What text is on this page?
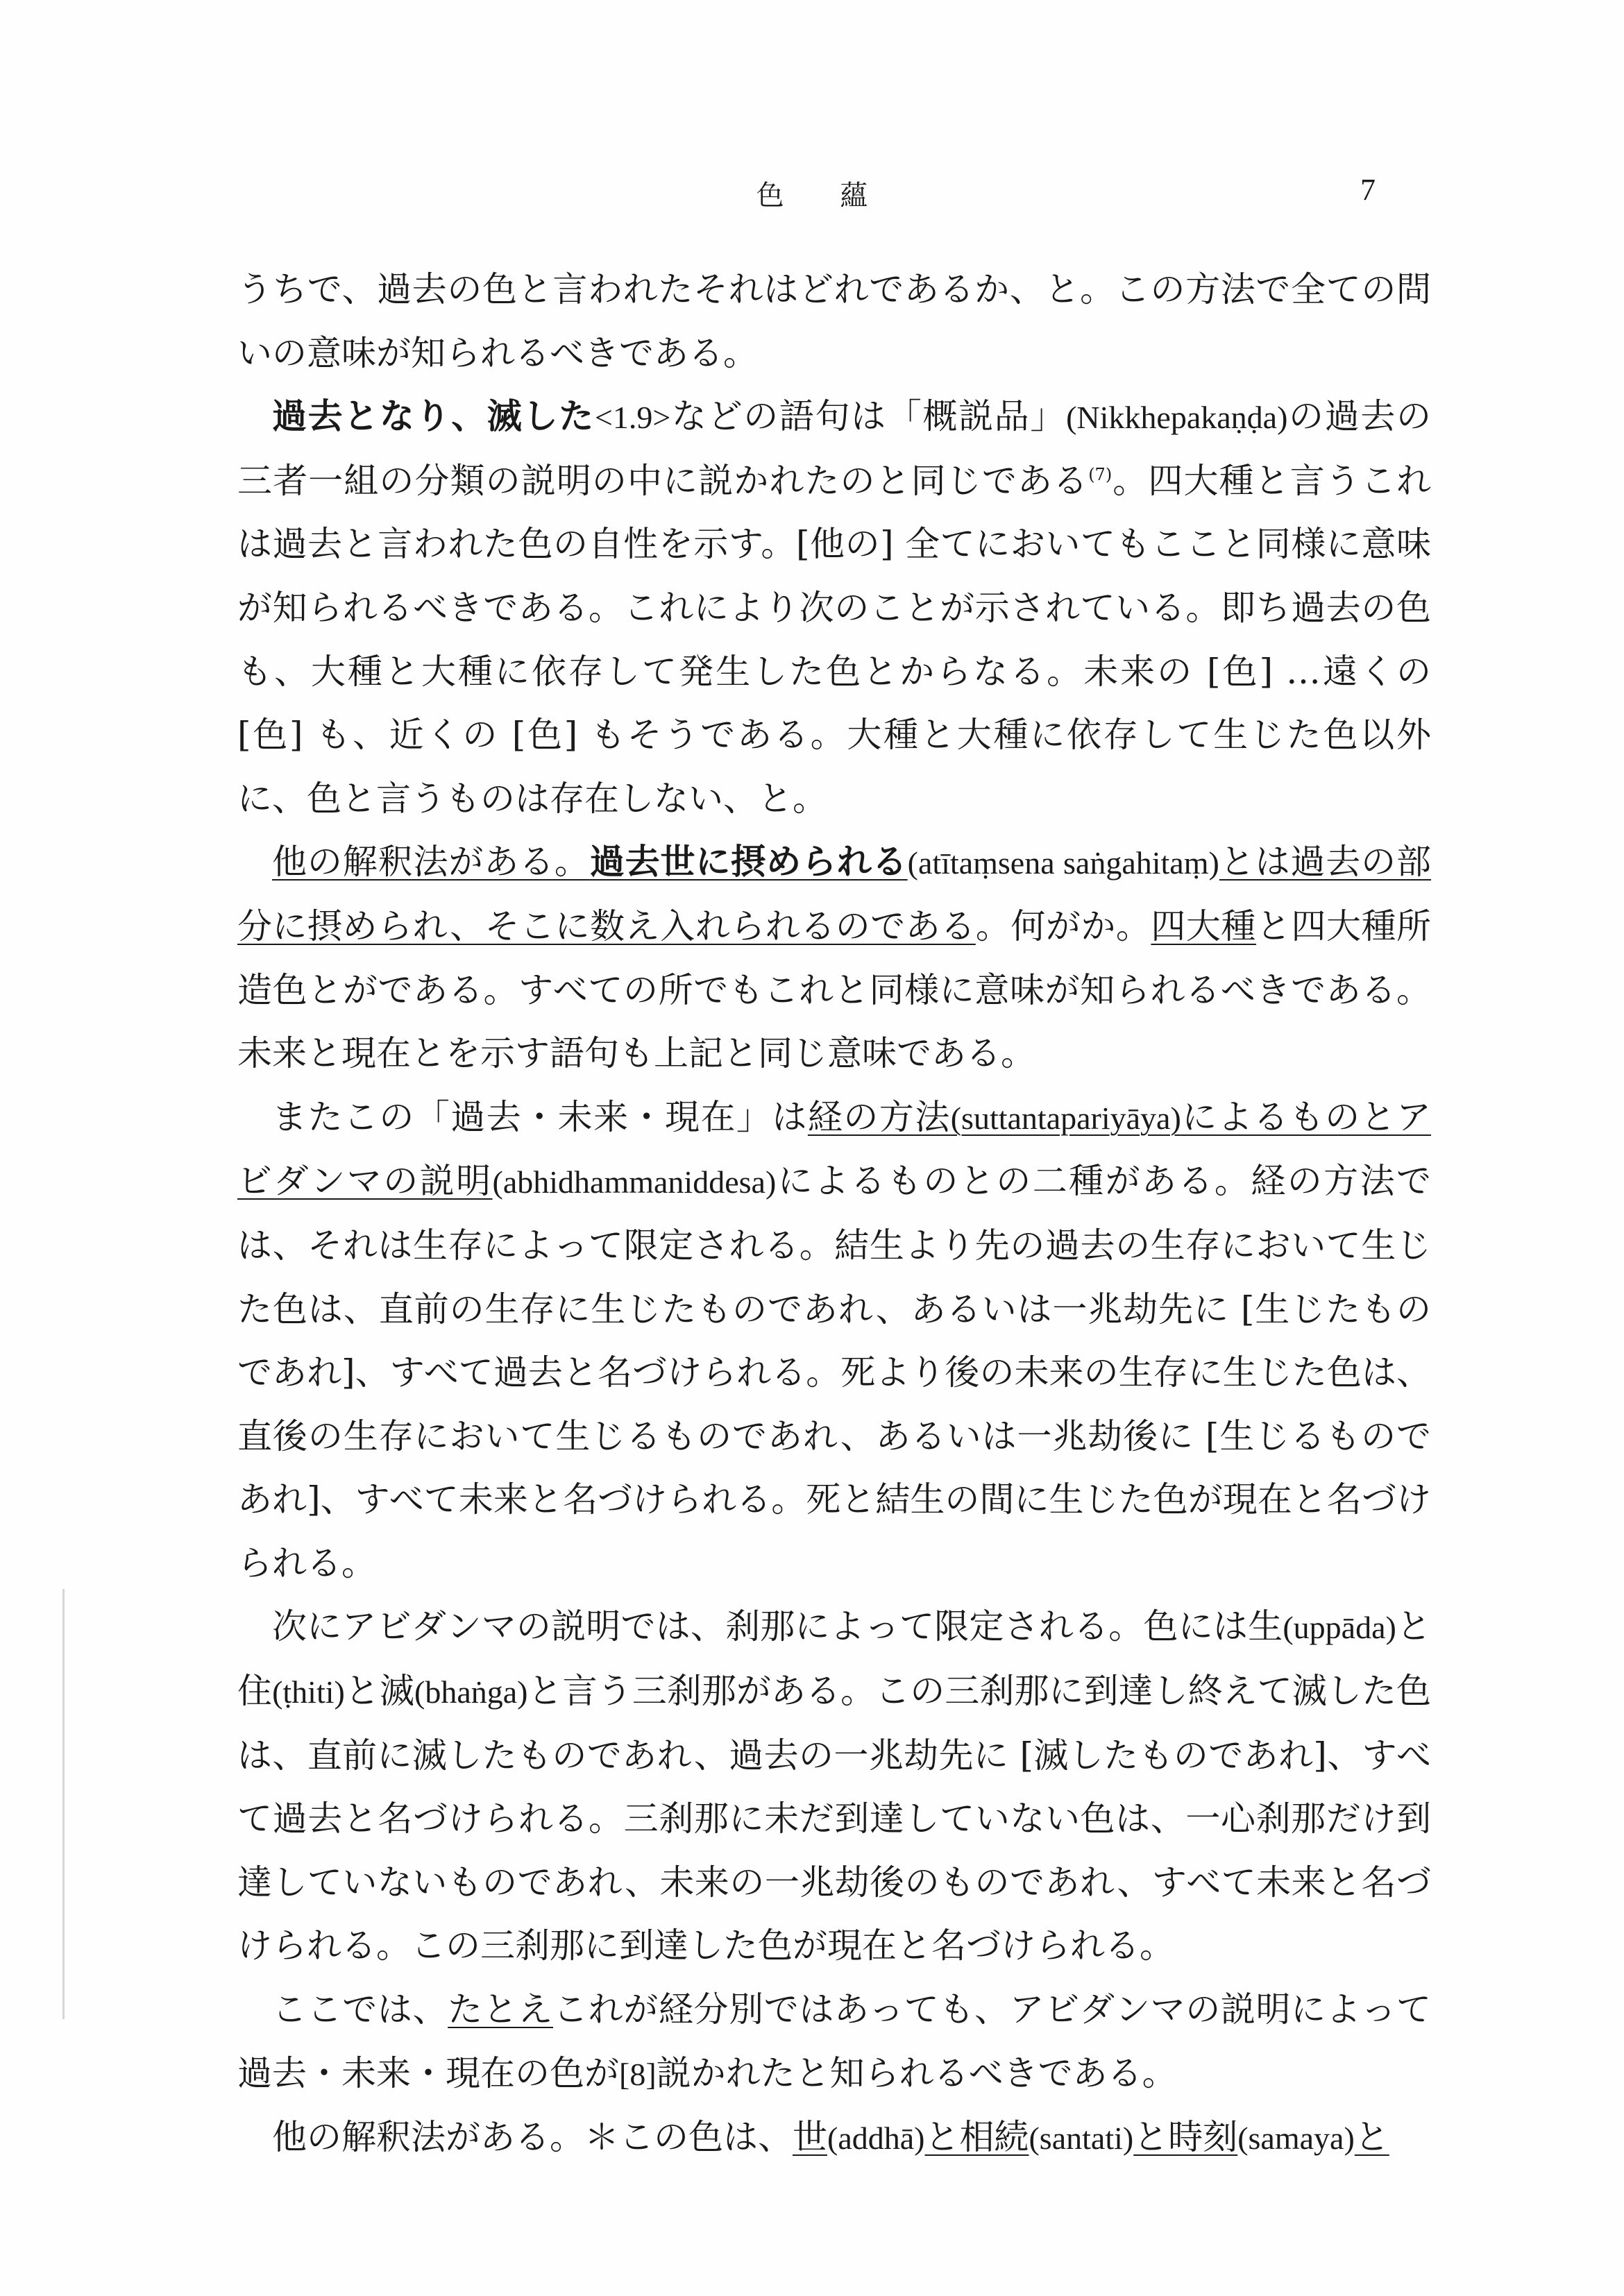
色 蘊	7

うちで、過去の色と言われたそれはどれであるか、と。この方法で全ての問いの意味が知られるべきである。

過去となり、滅した<1.9>などの語句は「概説品」(Nikkhepakaṇḍa)の過去の三者一組の分類の説明の中に説かれたのと同じである$^{(7)}$。四大種と言うこれは過去と言われた色の自性を示す。[他の] 全てにおいてもここと同様に意味が知られるべきである。これにより次のことが示されている。即ち過去の色も、大種と大種に依存して発生した色とからなる。未来の [色] …遠くの [色] も、近くの [色] もそうである。大種と大種に依存して生じた色以外に、色と言うものは存在しない、と。

他の解釈法がある。過去世に摂められる(atītaṃsena saṅgahitaṃ)とは過去の部分に摂められ、そこに数え入れられるのである。何がか。四大種と四大種所造色とがである。すべての所でもこれと同様に意味が知られるべきである。未来と現在とを示す語句も上記と同じ意味である。

またこの「過去・未来・現在」は経の方法(suttantapariyāya)によるものとアビダンマの説明(abhidhammaniddesa)によるものとの二種がある。経の方法では、それは生存によって限定される。結生より先の過去の生存において生じた色は、直前の生存に生じたものであれ、あるいは一兆劫先に [生じたものであれ]、すべて過去と名づけられる。死より後の未来の生存に生じた色は、直後の生存において生じるものであれ、あるいは一兆劫後に [生じるものであれ]、すべて未来と名づけられる。死と結生の間に生じた色が現在と名づけられる。

次にアビダンマの説明では、刹那によって限定される。色には生(uppāda)と住(ṭhiti)と滅(bhaṅga)と言う三刹那がある。この三刹那に到達し終えて滅した色は、直前に滅したものであれ、過去の一兆劫先に [滅したものであれ]、すべて過去と名づけられる。三刹那に未だ到達していない色は、一心刹那だけ到達していないものであれ、未来の一兆劫後のものであれ、すべて未来と名づけられる。この三刹那に到達した色が現在と名づけられる。

ここでは、たとえこれが経分別ではあっても、アビダンマの説明によって過去・未来・現在の色が[8]説かれたと知られるべきである。

他の解釈法がある。＊この色は、世(addhā)と相続(santati)と時刻(samaya)と
